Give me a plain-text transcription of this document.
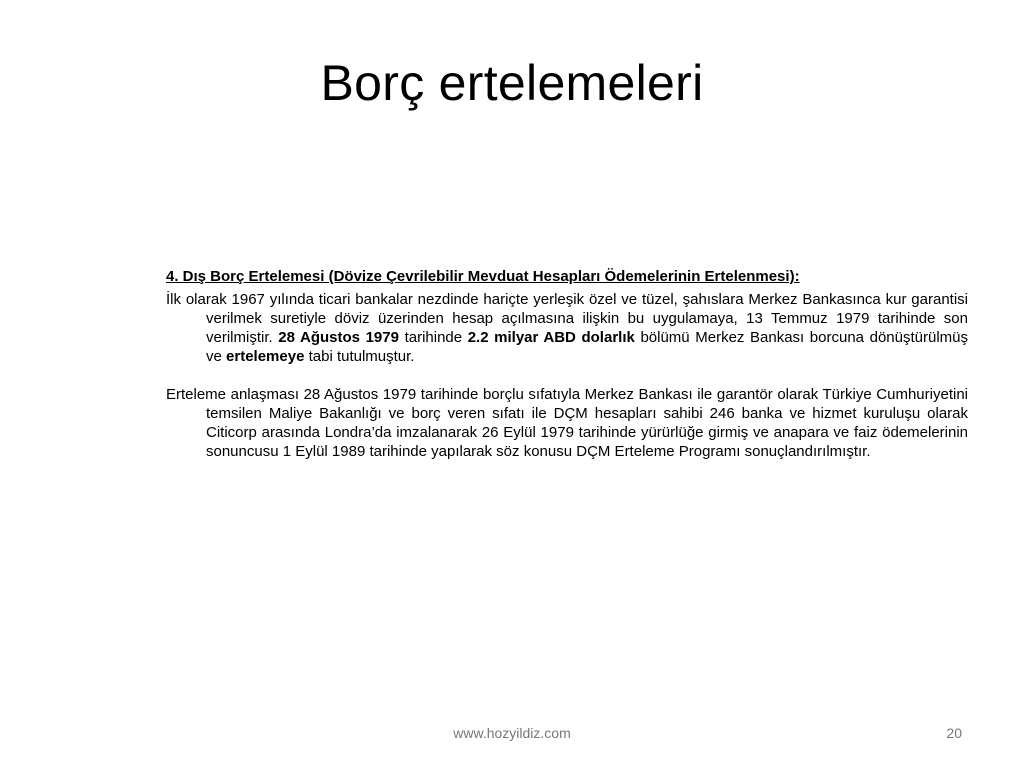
Borç ertelemeleri

4. Dış Borç Ertelemesi (Dövize Çevrilebilir Mevduat Hesapları Ödemelerinin Ertelenmesi):

İlk olarak 1967 yılında ticari bankalar nezdinde hariçte yerleşik özel ve tüzel, şahıslara Merkez Bankasınca kur garantisi verilmek suretiyle döviz üzerinden hesap açılmasına ilişkin bu uygulamaya, 13 Temmuz 1979 tarihinde son verilmiştir. 28 Ağustos 1979 tarihinde 2.2 milyar ABD dolarlık bölümü Merkez Bankası borcuna dönüştürülmüş ve ertelemeye tabi tutulmuştur.

Erteleme anlaşması 28 Ağustos 1979 tarihinde borçlu sıfatıyla Merkez Bankası ile garantör olarak Türkiye Cumhuriyetini temsilen Maliye Bakanlığı ve borç veren sıfatı ile DÇM hesapları sahibi 246 banka ve hizmet kuruluşu olarak Citicorp arasında Londra’da imzalanarak 26 Eylül 1979 tarihinde yürürlüğe girmiş ve anapara ve faiz ödemelerinin sonuncusu 1 Eylül 1989 tarihinde yapılarak söz konusu DÇM Erteleme Programı sonuçlandırılmıştır.

www.hozyildiz.com	20
